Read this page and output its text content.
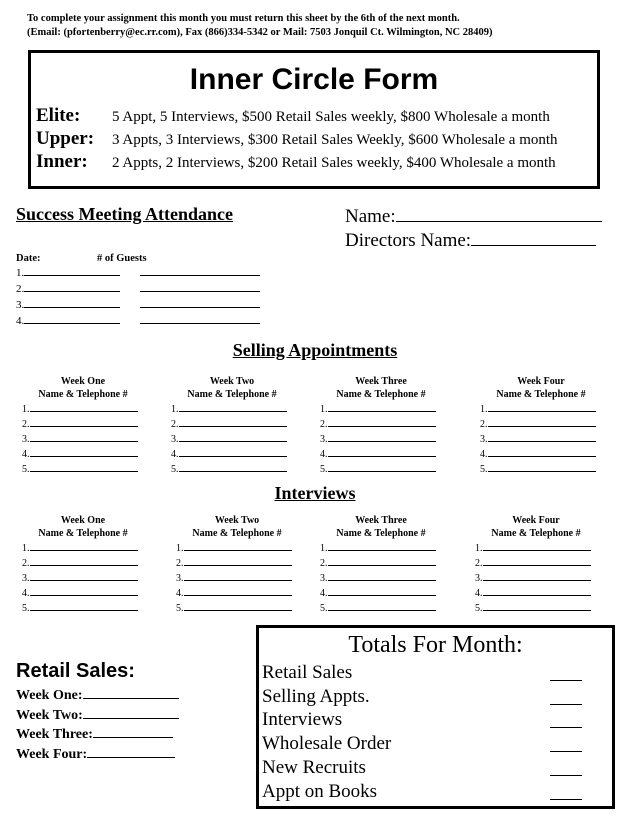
To complete your assignment this month you must return this sheet by the 6th of the next month.
(Email: (pfortenberry@ec.rr.com), Fax (866)334-5342 or Mail: 7503 Jonquil Ct. Wilmington, NC 28409)
Inner Circle Form
Elite: 5 Appt, 5 Interviews, $500 Retail Sales weekly, $800 Wholesale a month
Upper: 3 Appts, 3 Interviews, $300 Retail Sales Weekly, $600 Wholesale a month
Inner: 2 Appts, 2 Interviews, $200 Retail Sales weekly, $400 Wholesale a month
Success Meeting Attendance
Date:	# of Guests
1.
2.
3.
4.
Name:
Directors Name:
Selling Appointments
Week One
Name & Telephone #
1.
2.
3.
4.
5.
Week Two
Name & Telephone #
1.
2.
3.
4.
5.
Week Three
Name & Telephone #
1.
2.
3.
4.
5.
Week Four
Name & Telephone #
1.
2.
3.
4.
5.
Interviews
Week One
Name & Telephone #
1.
2.
3.
4.
5.
Week Two
Name & Telephone #
1.
2.
3.
4.
5.
Week Three
Name & Telephone #
1.
2.
3.
4.
5.
Week Four
Name & Telephone #
1.
2.
3.
4.
5.
Retail Sales:
Week One:
Week Two:
Week Three:
Week Four:
Totals For Month:
Retail Sales
Selling Appts.
Interviews
Wholesale Order
New Recruits
Appt on Books
